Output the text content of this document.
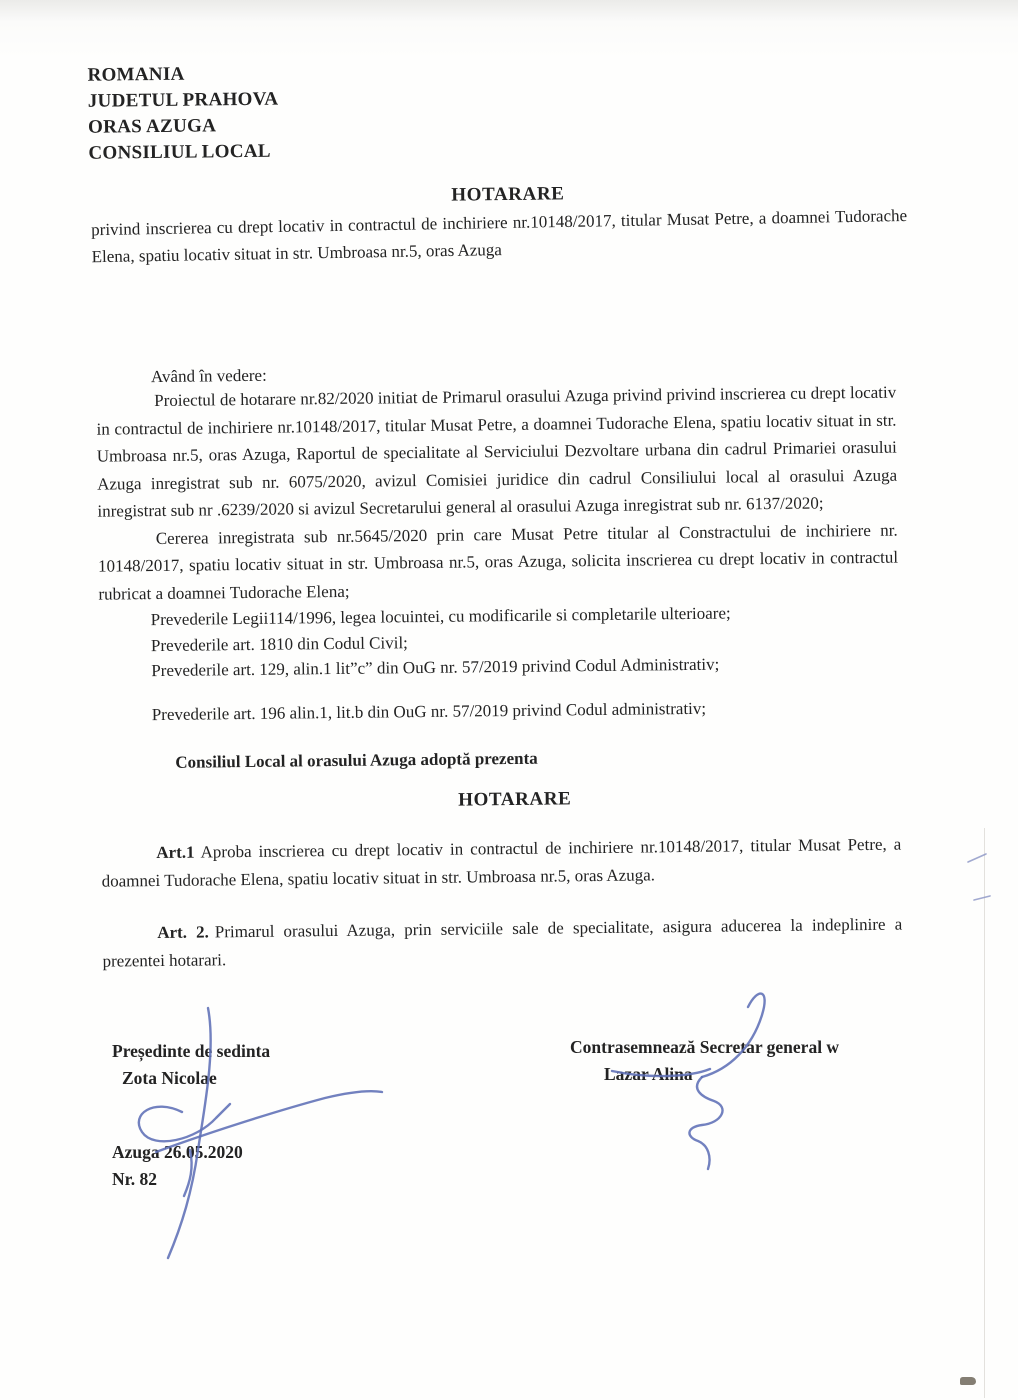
ROMANIA
JUDETUL PRAHOVA
ORAS AZUGA
CONSILIUL LOCAL
HOTARARE
privind inscrierea cu drept locativ in contractul de inchiriere nr.10148/2017, titular Musat Petre, a doamnei Tudorache Elena, spatiu locativ situat in str. Umbroasa nr.5, oras Azuga
Având în vedere:
Proiectul de hotarare nr.82/2020 initiat de Primarul orasului Azuga privind privind inscrierea cu drept locativ in contractul de inchiriere nr.10148/2017, titular Musat Petre, a doamnei Tudorache Elena, spatiu locativ situat in str. Umbroasa nr.5, oras Azuga, Raportul de specialitate al Serviciului Dezvoltare urbana din cadrul Primariei orasului Azuga inregistrat sub nr. 6075/2020, avizul Comisiei juridice din cadrul Consiliului local al orasului Azuga inregistrat sub nr .6239/2020 si avizul Secretarului general al orasului Azuga inregistrat sub nr. 6137/2020;
Cererea inregistrata sub nr.5645/2020 prin care Musat Petre titular al Constractului de inchiriere nr. 10148/2017, spatiu locativ situat in str. Umbroasa nr.5, oras Azuga, solicita inscrierea cu drept locativ in contractul rubricat a doamnei Tudorache Elena;
Prevederile Legii114/1996, legea locuintei, cu modificarile si completarile ulterioare;
Prevederile art. 1810 din Codul Civil;
Prevederile art. 129, alin.1 lit”c” din OuG nr. 57/2019 privind Codul Administrativ;
Prevederile art. 196 alin.1, lit.b din OuG nr. 57/2019 privind Codul administrativ;
Consiliul Local al orasului Azuga adoptă prezenta
HOTARARE
Art.1 Aproba inscrierea cu drept locativ in contractul de inchiriere nr.10148/2017, titular Musat Petre, a doamnei Tudorache Elena, spatiu locativ situat in str. Umbroasa nr.5, oras Azuga.
Art. 2. Primarul orasului Azuga, prin serviciile sale de specialitate, asigura aducerea la indeplinire a prezentei hotarari.
Președinte de sedinta
Zota Nicolae
Azuga 26.05.2020
Nr. 82
Contrasemnează Secretar general w
Lazar Alina
